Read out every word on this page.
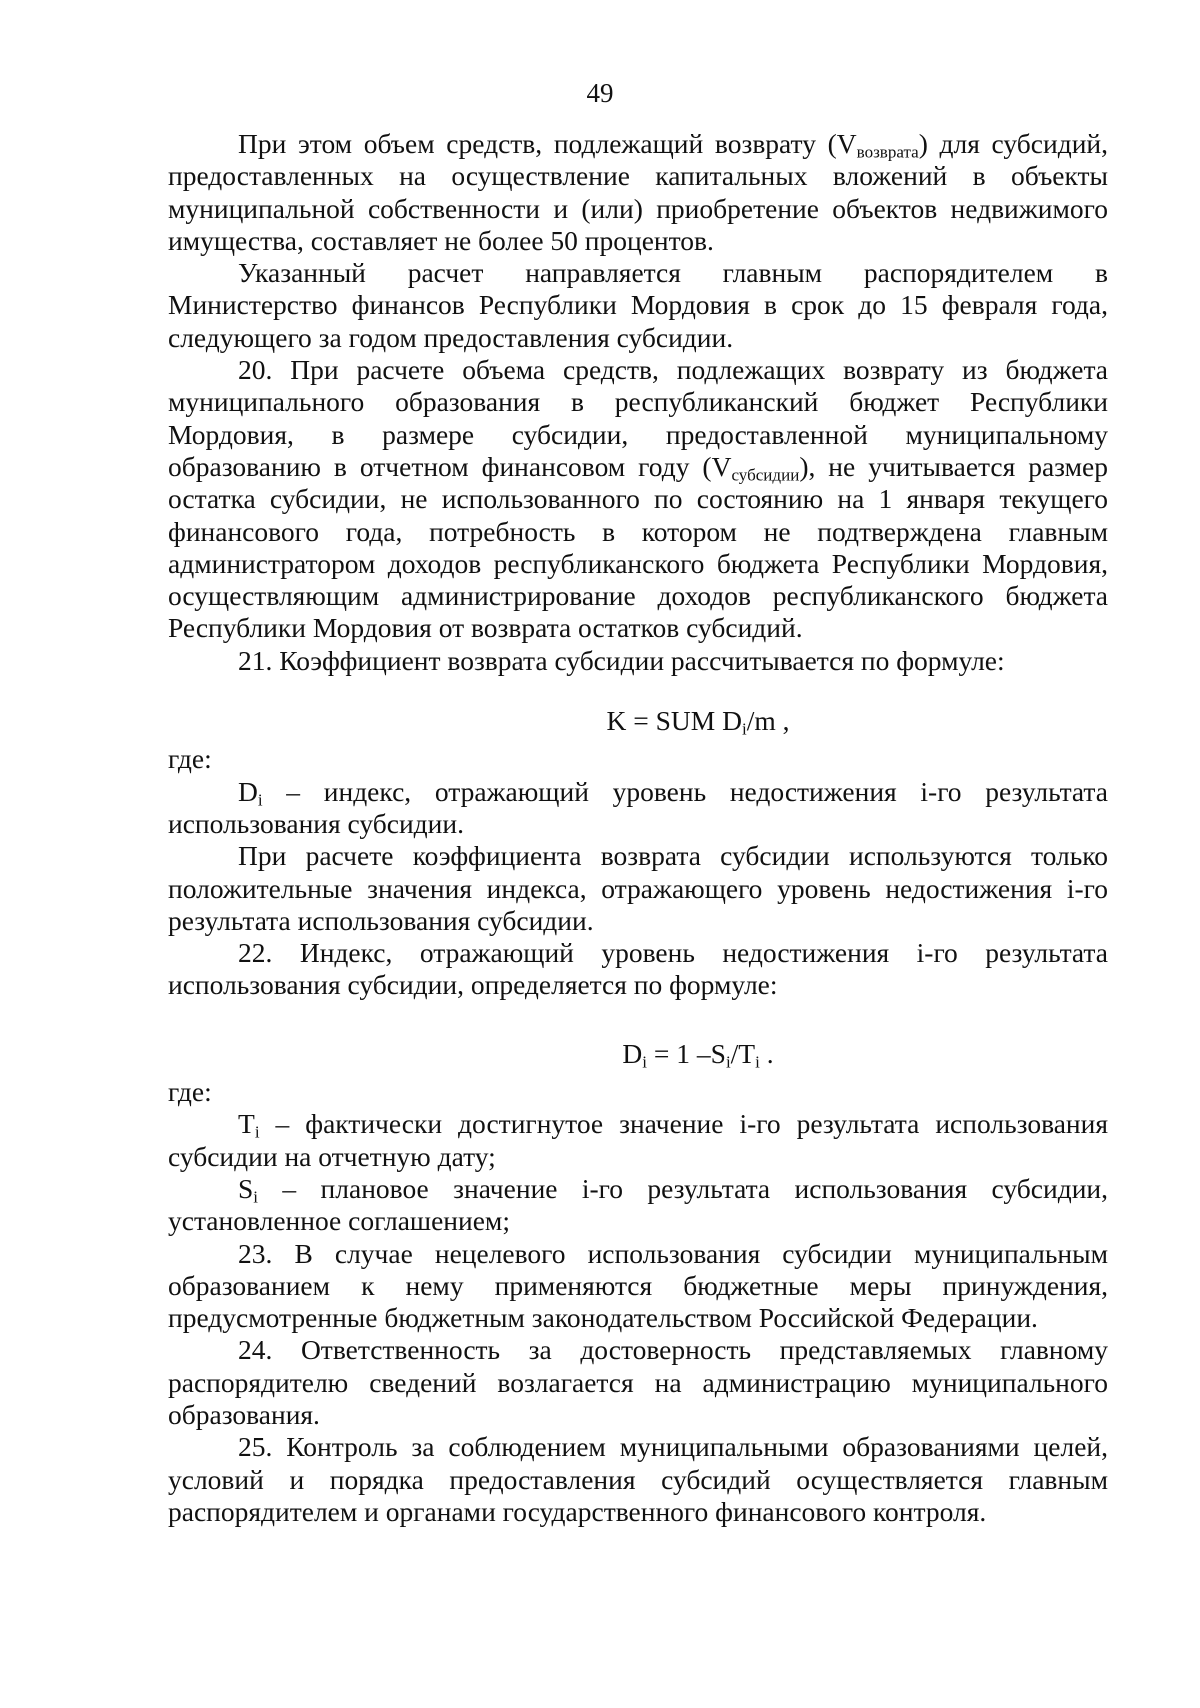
49

При этом объем средств, подлежащий возврату $(V_{возврата})$ для субсидий, предоставленных на осуществление капитальных вложений в объекты муниципальной собственности и (или) приобретение объектов недвижимого имущества, составляет не более 50 процентов.

Указанный расчет направляется главным распорядителем в Министерство финансов Республики Мордовия в срок до 15 февраля года, следующего за годом предоставления субсидии.

20. При расчете объема средств, подлежащих возврату из бюджета муниципального образования в республиканский бюджет Республики Мордовия, в размере субсидии, предоставленной муниципальному образованию в отчетном финансовом году $(V_{субсидии})$, не учитывается размер остатка субсидии, не использованного по состоянию на 1 января текущего финансового года, потребность в котором не подтверждена главным администратором доходов республиканского бюджета Республики Мордовия, осуществляющим администрирование доходов республиканского бюджета Республики Мордовия от возврата остатков субсидий.

21. Коэффициент возврата субсидии рассчитывается по формуле:

K = SUM $D_i/m$ ,

где:

$D_i$ – индекс, отражающий уровень недостижения i-го результата использования субсидии.

При расчете коэффициента возврата субсидии используются только положительные значения индекса, отражающего уровень недостижения i-го результата использования субсидии.

22. Индекс, отражающий уровень недостижения i-го результата использования субсидии, определяется по формуле:

$D_i = 1$ $-S_i/T_i$ .

где:

$T_i$ – фактически достигнутое значение i-го результата использования субсидии на отчетную дату;

$S_i$ – плановое значение i-го результата использования субсидии, установленное соглашением;

23. В случае нецелевого использования субсидии муниципальным образованием к нему применяются бюджетные меры принуждения, предусмотренные бюджетным законодательством Российской Федерации.

24. Ответственность за достоверность представляемых главному распорядителю сведений возлагается на администрацию муниципального образования.

25. Контроль за соблюдением муниципальными образованиями целей, условий и порядка предоставления субсидий осуществляется главным распорядителем и органами государственного финансового контроля.
